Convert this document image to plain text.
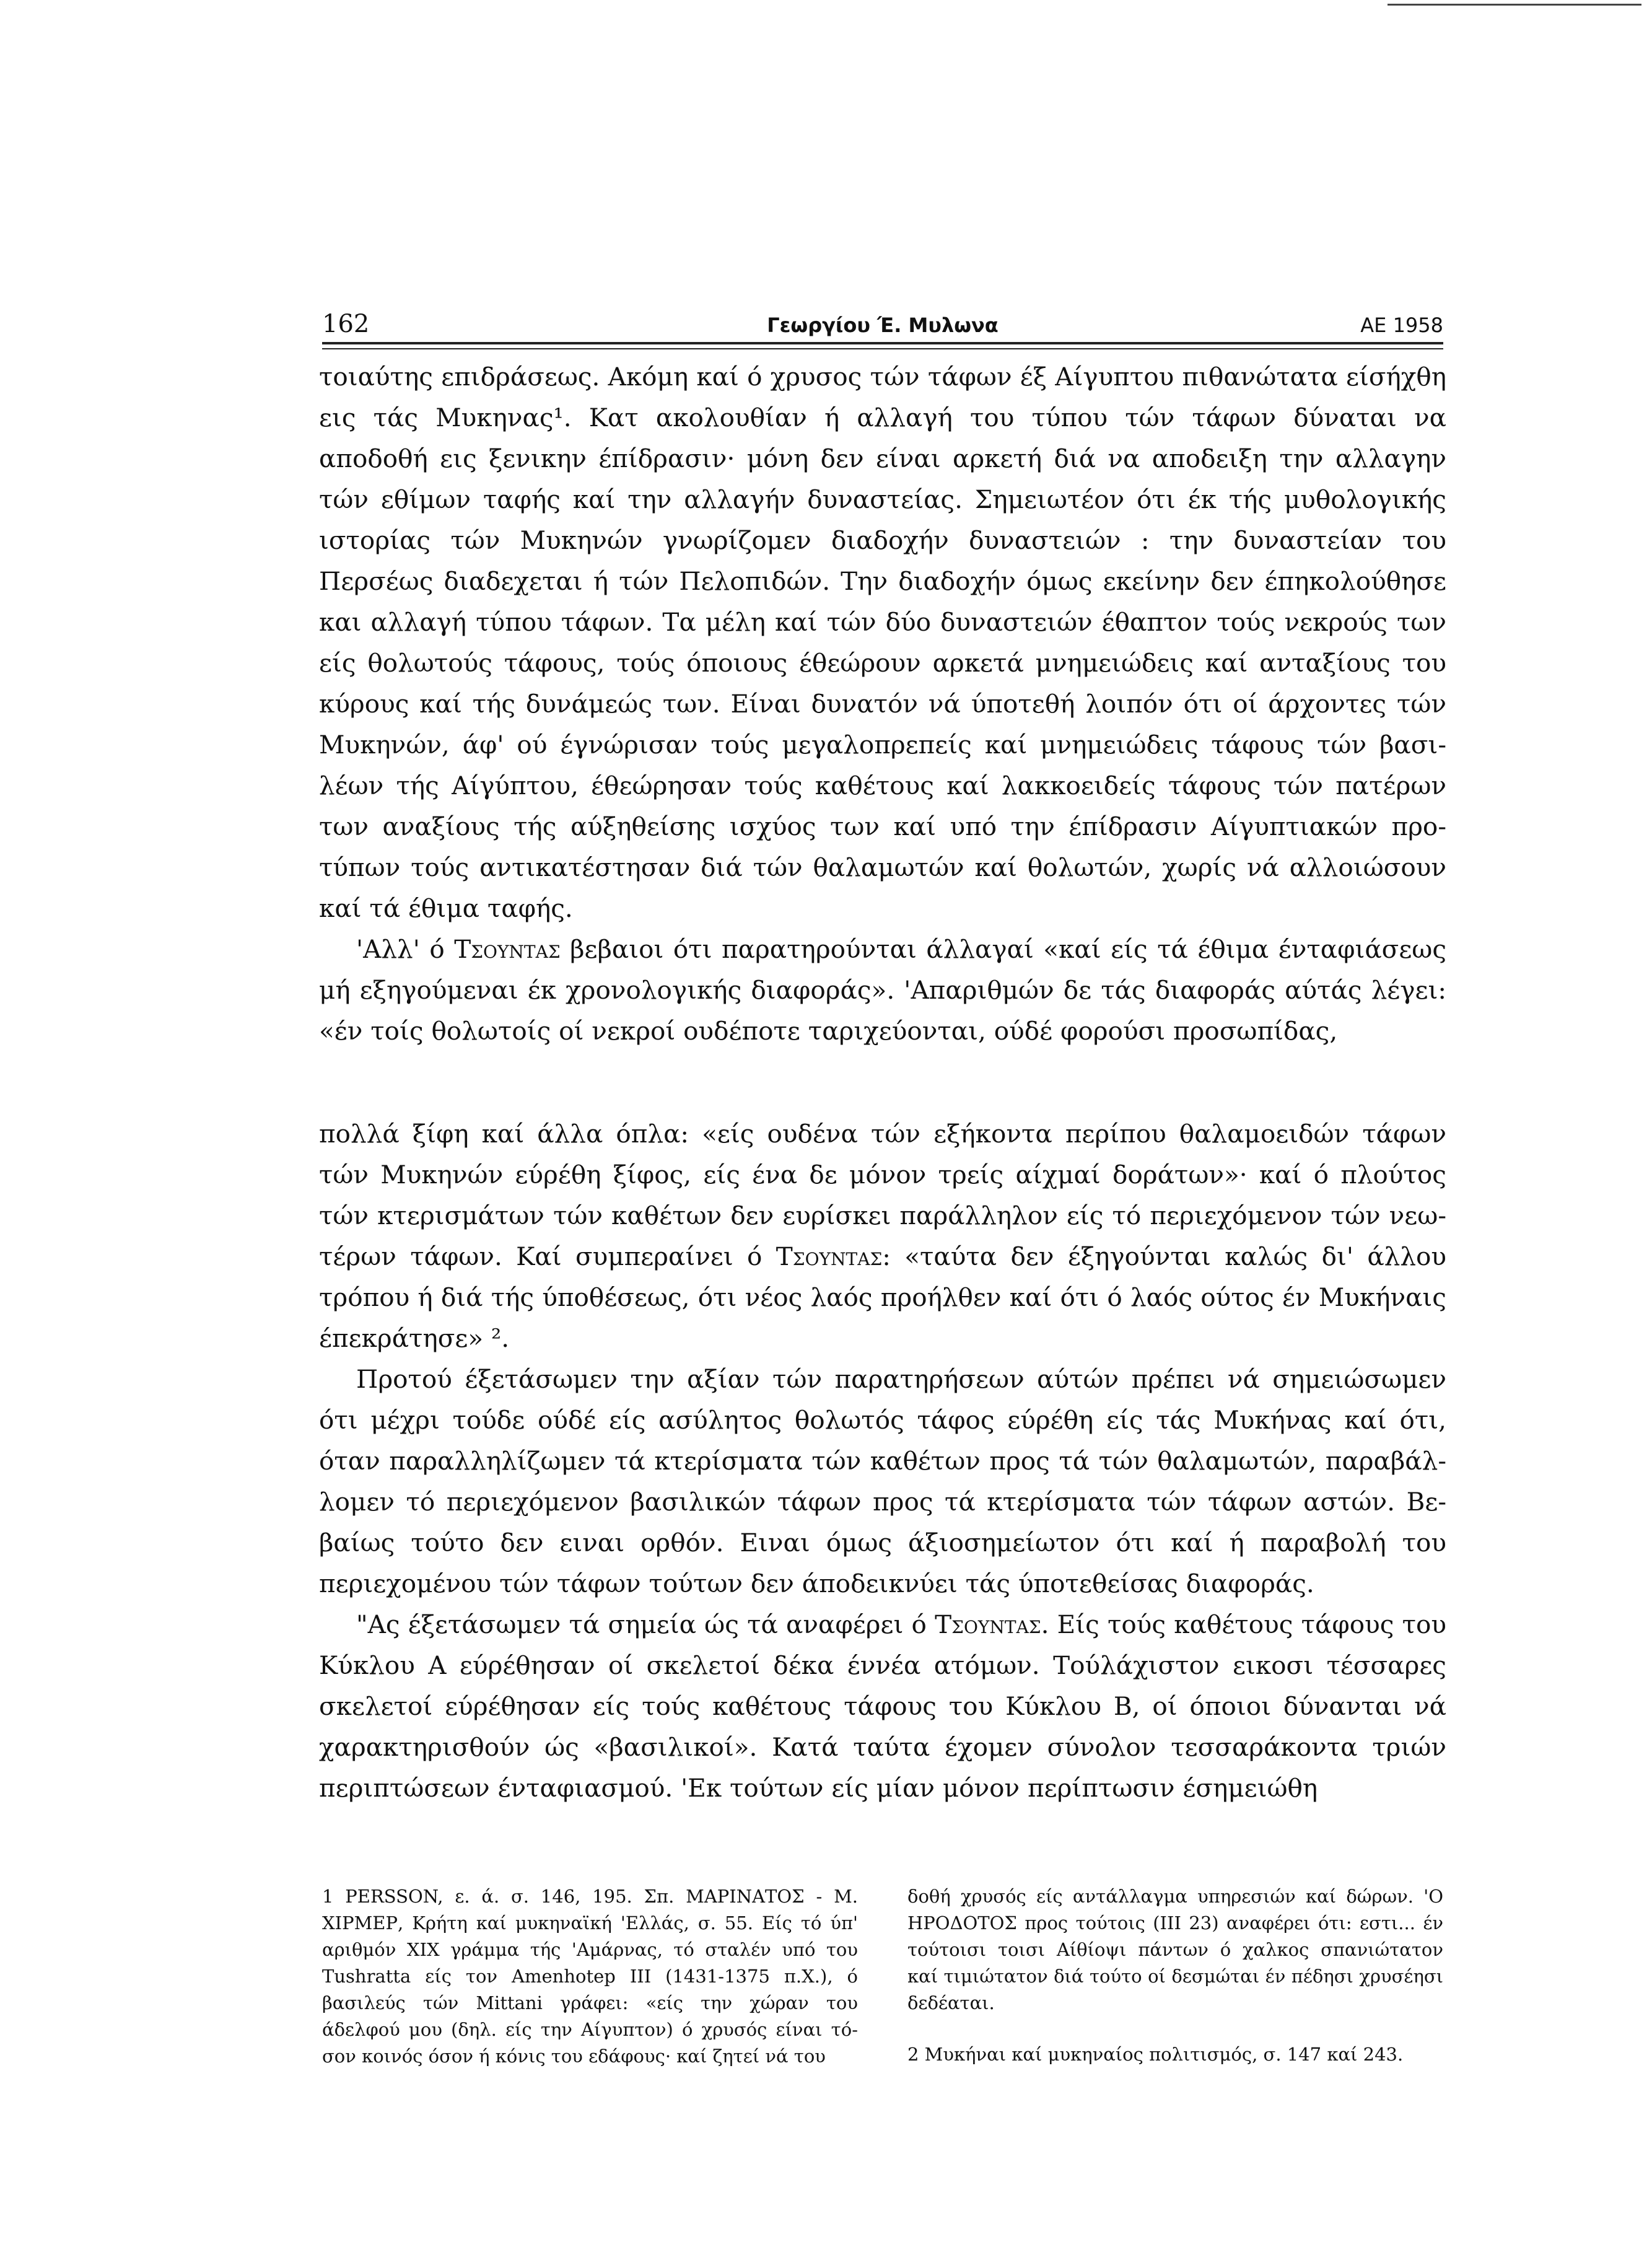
162	Γεωργίου Έ. Μυλωνα	ΑΕ 1958

τοιαύτης επιδράσεως. Ακόμη καί ό χρυσος τών τάφων έξ Αίγυπτου πιθανώτατα είσήχθη εις τάς Μυκηνας¹. Κατ ακολουθίαν ή αλλαγή του τύπου τών τάφων δύναται να αποδοθή εις ξενικην έπίδρασιν· μόνη δεν είναι αρκετή διά να αποδειξη την αλλαγην τών εθίμων ταφής καί την αλλαγήν δυναστείας. Σημειωτέον ότι έκ τής μυθολογικής ιστορίας τών Μυκηνών γνωρίζομεν διαδοχήν δυναστειών : την δυναστείαν του Περσέως διαδεχεται ή τών Πελοπιδών. Την διαδοχήν όμως εκείνην δεν έπηκολούθησε και αλλαγή τύπου τάφων. Τα μέλη καί τών δύο δυναστειών έθαπτον τούς νεκρούς των είς θολωτούς τάφους, τούς όποιους έθεώρουν αρκετά μνημειώδεις καί ανταξίους του κύρους καί τής δυνάμεώς των. Είναι δυνατόν νά ύποτεθή λοιπόν ότι οί άρχοντες τών Μυκηνών, άφ' ού έγνώρισαν τούς μεγαλοπρεπείς καί μνημειώδεις τάφους τών βασιλέων τής Αίγύπτου, έθεώρησαν τούς καθέτους καί λακκοειδείς τάφους τών πατέρων των αναξίους τής αύξηθείσης ισχύος των καί υπό την έπίδρασιν Αίγυπτιακών προτύπων τούς αντικατέστησαν διά τών θαλαμωτών καί θολωτών, χωρίς νά αλλοιώσουν καί τά έθιμα ταφής.

'Αλλ' ό Τσουντας βεβαιοι ότι παρατηρούνται άλλαγαί «καί είς τά έθιμα ένταφιάσεως μή εξηγούμεναι έκ χρονολογικής διαφοράς». 'Απαριθμών δε τάς διαφοράς αύτάς λέγει: «έν τοίς θολωτοίς οί νεκροί ουδέποτε ταριχεύονται, ούδέ φορούσι προσωπίδας,

πολλά ξίφη καί άλλα όπλα: «είς ουδένα τών εξήκοντα περίπου θαλαμοειδών τάφων τών Μυκηνών εύρέθη ξίφος, είς ένα δε μόνον τρείς αίχμαί δοράτων»· καί ό πλούτος τών κτερισμάτων τών καθέτων δεν ευρίσκει παράλληλον είς τό περιεχόμενον τών νεωτέρων τάφων. Καί συμπεραίνει ό Τσουντας: «ταύτα δεν έξηγούνται καλώς δι' άλλου τρόπου ή διά τής ύποθέσεως, ότι νέος λαός προήλθεν καί ότι ό λαός ούτος έν Μυκήναις έπεκράτησε» ².

Προτού έξετάσωμεν την αξίαν τών παρατηρήσεων αύτών πρέπει νά σημειώσωμεν ότι μέχρι τούδε ούδέ είς ασύλητος θολωτός τάφος εύρέθη είς τάς Μυκήνας καί ότι, όταν παραλληλίζωμεν τά κτερίσματα τών καθέτων προς τά τών θαλαμωτών, παραβάλλομεν τό περιεχόμενον βασιλικών τάφων προς τά κτερίσματα τών τάφων αστών. Βεβαίως τούτο δεν ειναι ορθόν. Ειναι όμως άξιοσημείωτον ότι καί ή παραβολή του περιεχομένου τών τάφων τούτων δεν άποδεικνύει τάς ύποτεθείσας διαφοράς.

"Ας έξετάσωμεν τά σημεία ώς τά αναφέρει ό Τσουντας. Είς τούς καθέτους τάφους του Κύκλου Α εύρέθησαν οί σκελετοί δέκα έννέα ατόμων. Τούλάχιστον εικοσι τέσσαρες σκελετοί εύρέθησαν είς τούς καθέτους τάφους του Κύκλου Β, οί όποιοι δύνανται νά χαρακτηρισθούν ώς «βασιλικοί». Κατά ταύτα έχομεν σύνολον τεσσαράκοντα τριών περιπτώσεων ένταφιασμού. 'Εκ τούτων είς μίαν μόνον περίπτωσιν έσημειώθη

1 PERSSON, ε. ά. σ. 146, 195. Σπ. ΜΑΡΙΝΑΤΟΣ - Μ. ΧΙΡΜΕΡ, Κρήτη καί μυκηναϊκή 'Ελλάς, σ. 55. Είς τό ύπ' αριθμόν XIX γράμμα τής 'Αμάρνας, τό σταλέν υπό του Tushratta είς τον Amenhotep III (1431-1375 π.Χ.), ό βασιλεύς τών Mittani γράφει: «είς την χώραν του άδελφού μου (δηλ. είς την Αίγυπτον) ό χρυσός είναι τόσον κοινός όσον ή κόνις του εδάφους· καί ζητεί νά του

δοθή χρυσός είς αντάλλαγμα υπηρεσιών καί δώρων. 'Ο ΗΡΟΔΟΤΟΣ προς τούτοις (III 23) αναφέρει ότι: εστι... έν τούτοισι τοισι Αίθίοψι πάντων ό χαλκος σπανιώτατον καί τιμιώτατον διά τούτο οί δεσμώται έν πέδησι χρυσέησι δεδέαται.

2 Μυκήναι καί μυκηναίος πολιτισμός, σ. 147 καί 243.
